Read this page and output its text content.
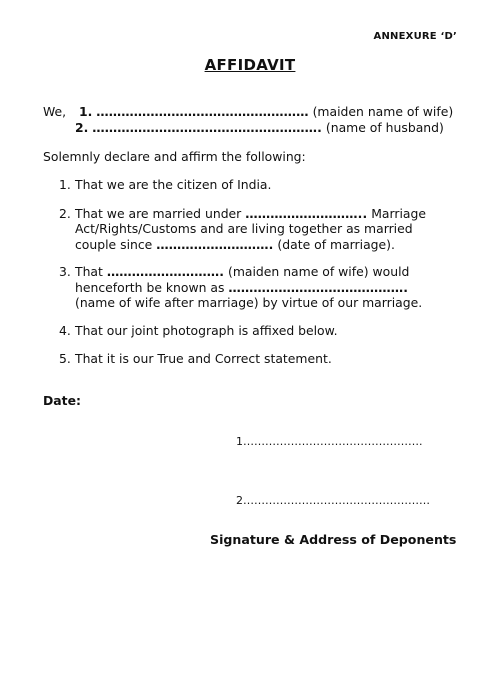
ANNEXURE ‘D’
AFFIDAVIT
We, 1. …………………………………………… (maiden name of wife)
2. ………………………………………………. (name of husband)
Solemnly declare and affirm the following:
1. That we are the citizen of India.
2. That we are married under ……………………….. Marriage
Act/Rights/Customs and are living together as married
couple since ………………………. (date of marriage).
3. That ………………………. (maiden name of wife) would
henceforth be known as …………………………………….
(name of wife after marriage) by virtue of our marriage.
4. That our joint photograph is affixed below.
5. That it is our True and Correct statement.
Date:
1………………………………………….
2……………………………………………
Signature & Address of Deponents
